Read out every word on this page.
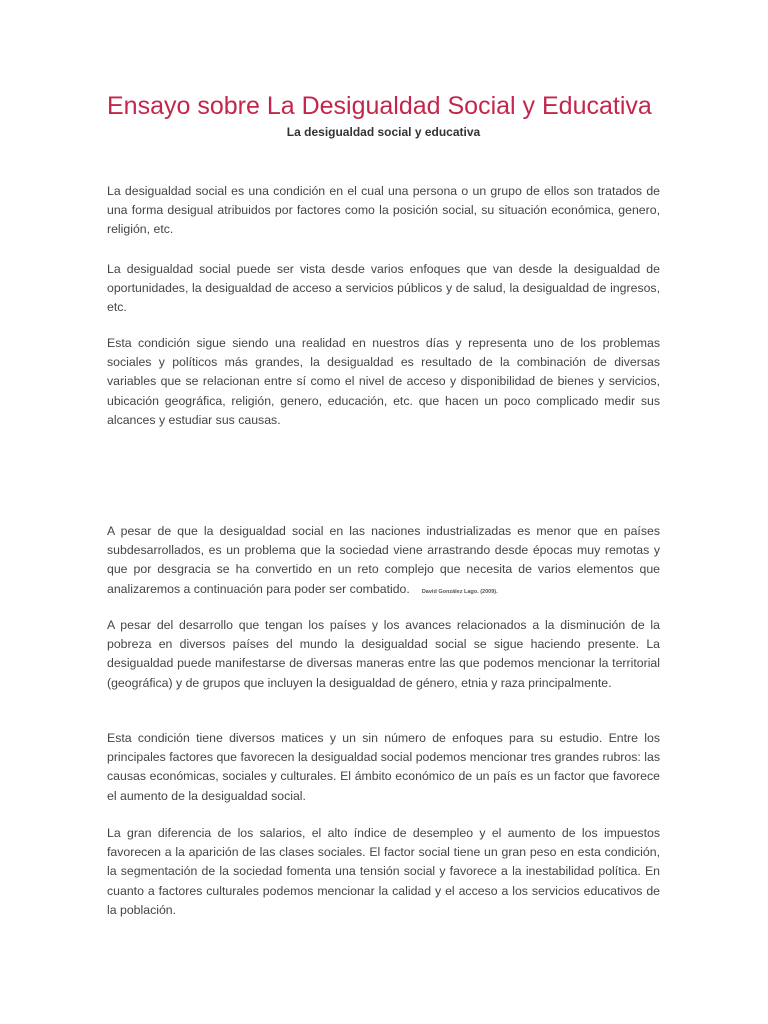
Ensayo sobre La Desigualdad Social y Educativa
La desigualdad social y educativa

La desigualdad social es una condición en el cual una persona o un grupo de ellos son tratados de una forma desigual atribuidos por factores como la posición social, su situación económica, genero, religión, etc.

La desigualdad social puede ser vista desde varios enfoques que van desde la desigualdad de oportunidades, la desigualdad de acceso a servicios públicos y de salud, la desigualdad de ingresos, etc.

Esta condición sigue siendo una realidad en nuestros días y representa uno de los problemas sociales y políticos más grandes, la desigualdad es resultado de la combinación de diversas variables que se relacionan entre sí como el nivel de acceso y disponibilidad de bienes y servicios, ubicación geográfica, religión, genero, educación, etc. que hacen un poco complicado medir sus alcances y estudiar sus causas.

A pesar de que la desigualdad social en las naciones industrializadas es menor que en países subdesarrollados, es un problema que la sociedad viene arrastrando desde épocas muy remotas y que por desgracia se ha convertido en un reto complejo que necesita de varios elementos que analizaremos a continuación para poder ser combatido. David González Lago. (2009).

A pesar del desarrollo que tengan los países y los avances relacionados a la disminución de la pobreza en diversos países del mundo la desigualdad social se sigue haciendo presente. La desigualdad puede manifestarse de diversas maneras entre las que podemos mencionar la territorial (geográfica) y de grupos que incluyen la desigualdad de género, etnia y raza principalmente.

Esta condición tiene diversos matices y un sin número de enfoques para su estudio. Entre los principales factores que favorecen la desigualdad social podemos mencionar tres grandes rubros: las causas económicas, sociales y culturales. El ámbito económico de un país es un factor que favorece el aumento de la desigualdad social.

La gran diferencia de los salarios, el alto índice de desempleo y el aumento de los impuestos favorecen a la aparición de las clases sociales. El factor social tiene un gran peso en esta condición, la segmentación de la sociedad fomenta una tensión social y favorece a la inestabilidad política. En cuanto a factores culturales podemos mencionar la calidad y el acceso a los servicios educativos de la población.
